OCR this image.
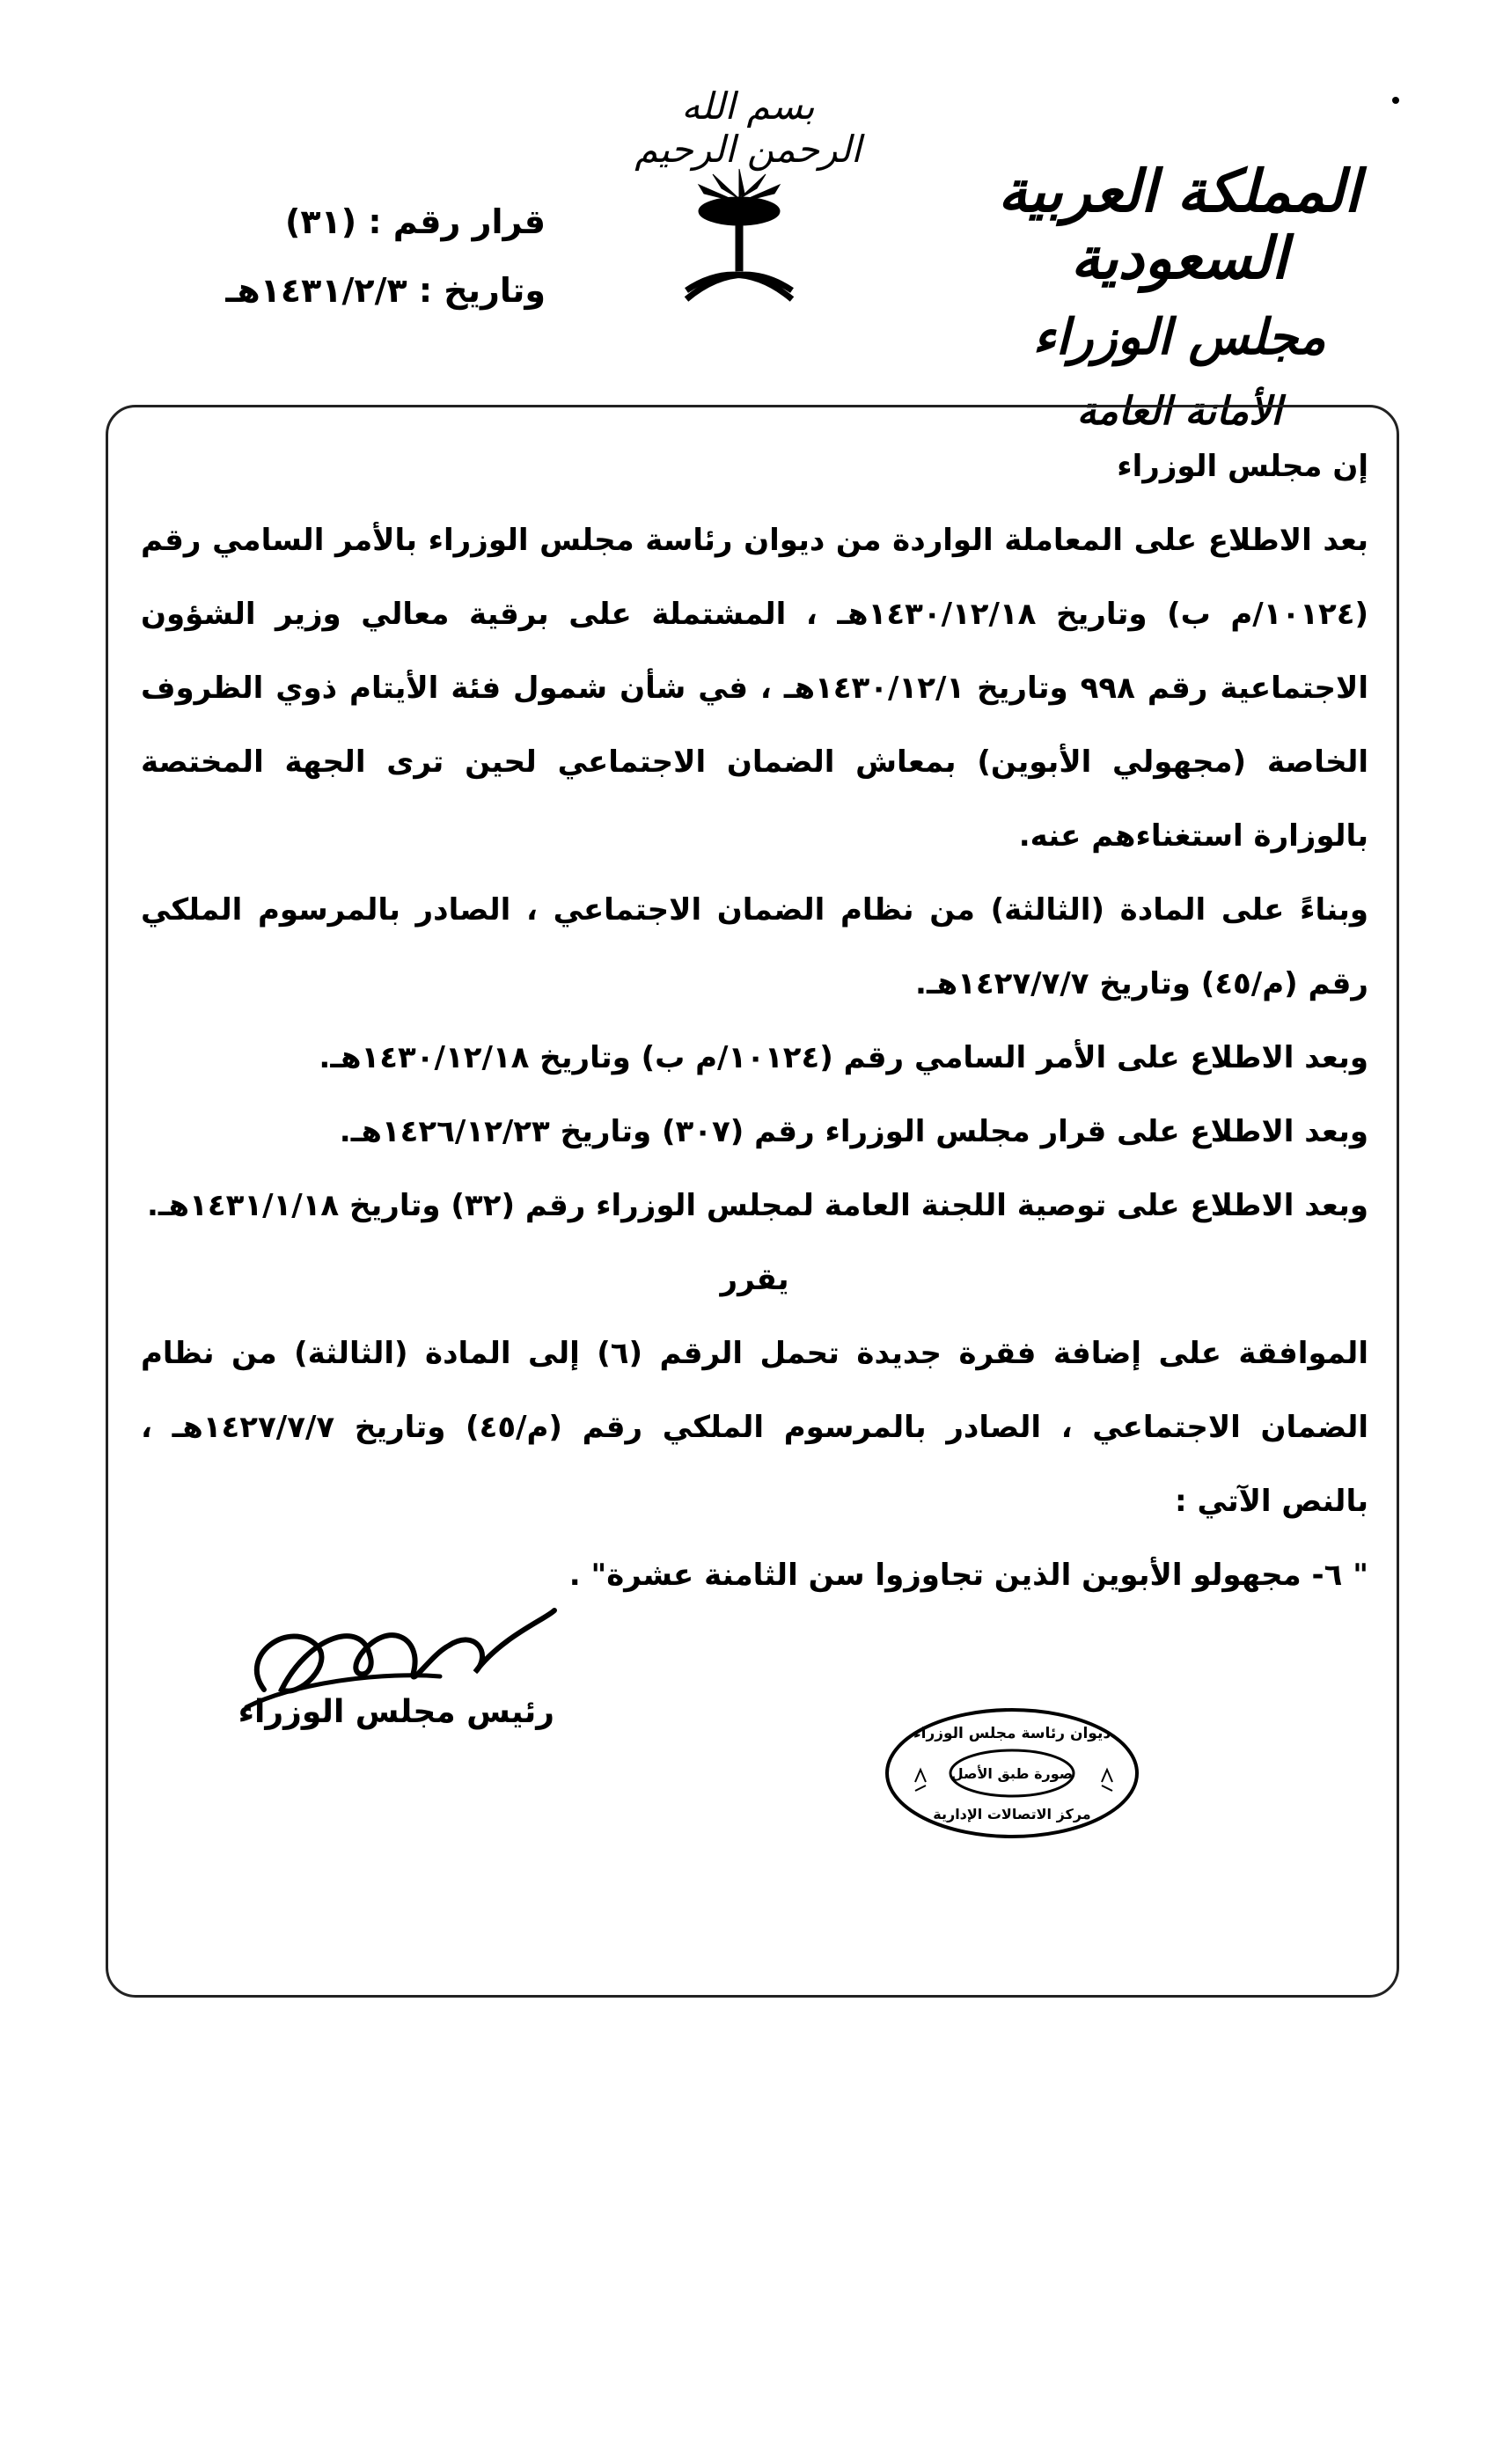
بسم الله الرحمن الرحيم
المملكة العربية السعودية
مجلس الوزراء
الأمانة العامة
قرار رقم : (٣١)
وتاريخ : ١٤٣١/٢/٣هـ

إن مجلس الوزراء

بعد الاطلاع على المعاملة الواردة من ديوان رئاسة مجلس الوزراء بالأمر السامي رقم (١٠١٢٤/م ب) وتاريخ ١٤٣٠/١٢/١٨هـ ، المشتملة على برقية معالي وزير الشؤون الاجتماعية رقم ٩٩٨ وتاريخ ١٤٣٠/١٢/١هـ ، في شأن شمول فئة الأيتام ذوي الظروف الخاصة (مجهولي الأبوين) بمعاش الضمان الاجتماعي لحين ترى الجهة المختصة بالوزارة استغناءهم عنه.

وبناءً على المادة (الثالثة) من نظام الضمان الاجتماعي ، الصادر بالمرسوم الملكي رقم (م/٤٥) وتاريخ ١٤٢٧/٧/٧هـ.

وبعد الاطلاع على الأمر السامي رقم (١٠١٢٤/م ب) وتاريخ ١٤٣٠/١٢/١٨هـ.

وبعد الاطلاع على قرار مجلس الوزراء رقم (٣٠٧) وتاريخ ١٤٢٦/١٢/٢٣هـ.

وبعد الاطلاع على توصية اللجنة العامة لمجلس الوزراء رقم (٣٢) وتاريخ ١٤٣١/١/١٨هـ.

يقرر

الموافقة على إضافة فقرة جديدة تحمل الرقم (٦) إلى المادة (الثالثة) من نظام الضمان الاجتماعي ، الصادر بالمرسوم الملكي رقم (م/٤٥) وتاريخ ١٤٢٧/٧/٧هـ ، بالنص الآتي :

" ٦- مجهولو الأبوين الذين تجاوزوا سن الثامنة عشرة" .

رئيس مجلس الوزراء
ديوان رئاسة مجلس الوزراء
صورة طبق الأصل
مركز الاتصالات الإدارية
